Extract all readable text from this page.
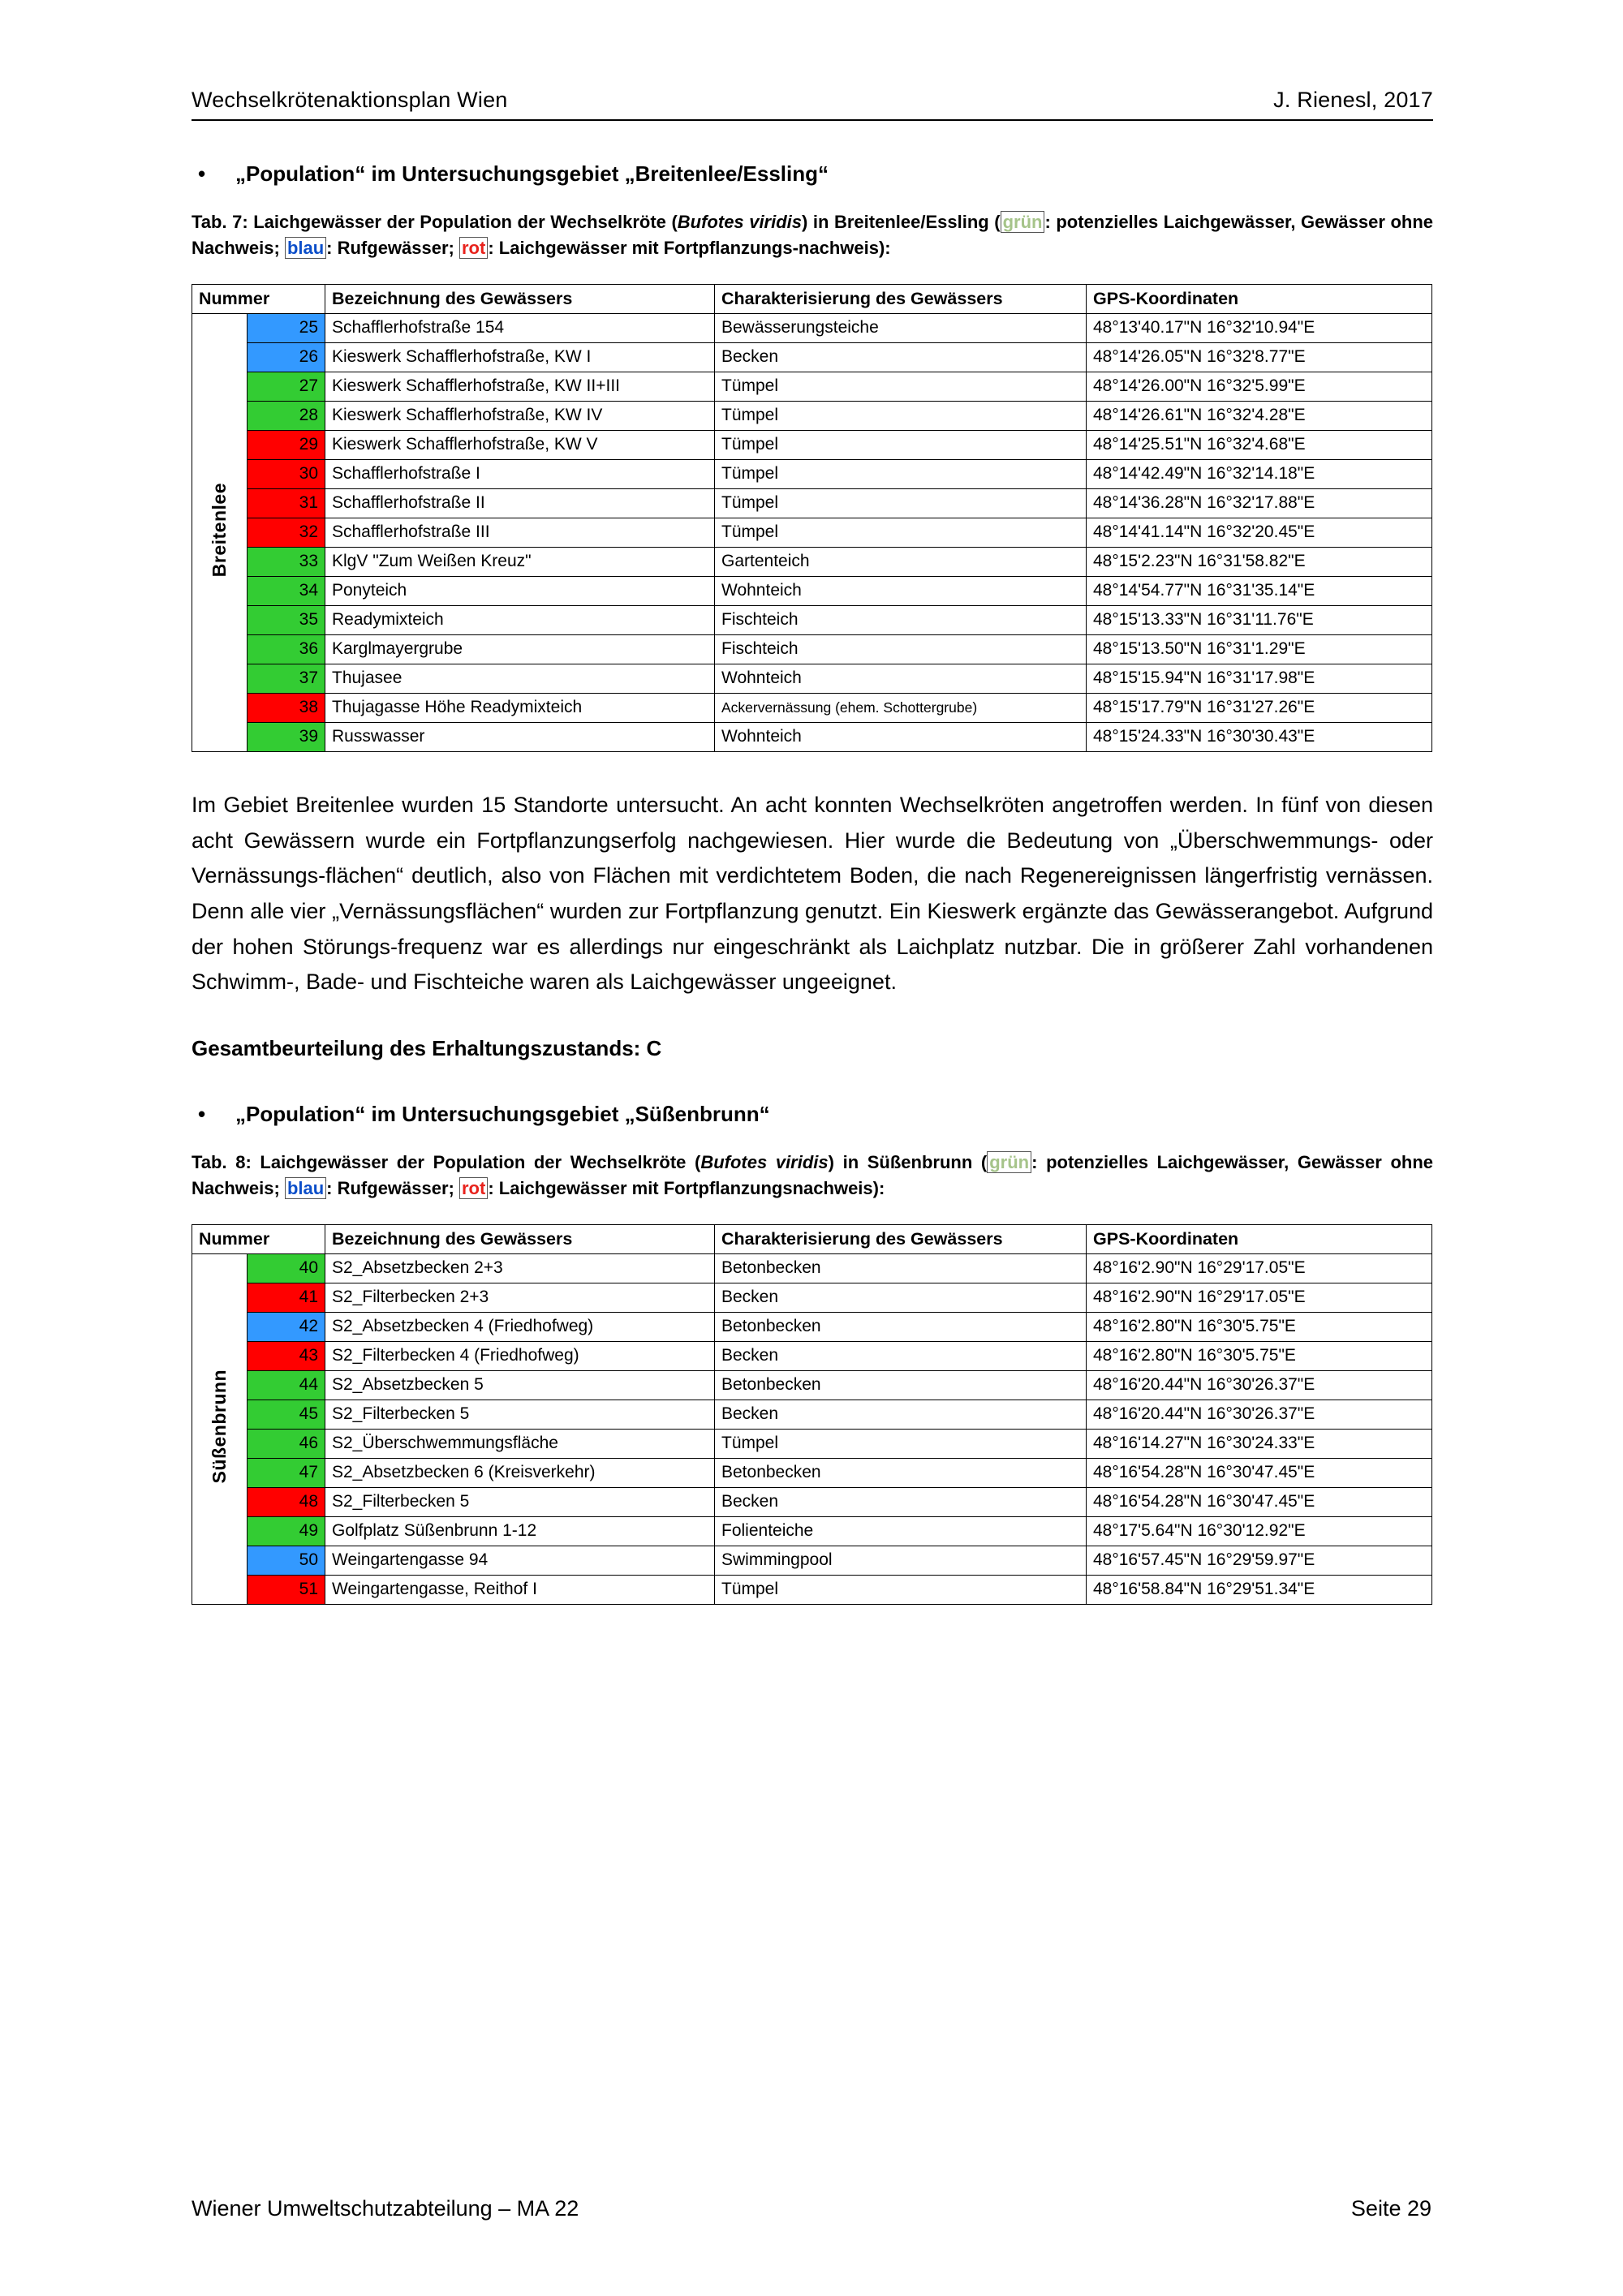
Wechselkrötenaktionsplan Wien	J. Rienesl, 2017
•	„Population“ im Untersuchungsgebiet „Breitenlee/Essling“
Tab. 7: Laichgewässer der Population der Wechselkröte (Bufotes viridis) in Breitenlee/Essling ( grün : potenzielles Laichgewässer, Gewässer ohne Nachweis; blau : Rufgewässer; rot : Laichgewässer mit Fortpflanzungs-nachweis):
Nummer		Bezeichnung des Gewässers	Charakterisierung des Gewässers	GPS-Koordinaten
Breitenlee	25	Schafflerhofstraße 154	Bewässerungsteiche	48°13'40.17"N 16°32'10.94"E
	26	Kieswerk Schafflerhofstraße, KW I	Becken	48°14'26.05"N 16°32'8.77"E
	27	Kieswerk Schafflerhofstraße, KW II+III	Tümpel	48°14'26.00"N 16°32'5.99"E
	28	Kieswerk Schafflerhofstraße, KW IV	Tümpel	48°14'26.61"N 16°32'4.28"E
	29	Kieswerk Schafflerhofstraße, KW V	Tümpel	48°14'25.51"N 16°32'4.68"E
	30	Schafflerhofstraße I	Tümpel	48°14'42.49"N 16°32'14.18"E
	31	Schafflerhofstraße II	Tümpel	48°14'36.28"N 16°32'17.88"E
	32	Schafflerhofstraße III	Tümpel	48°14'41.14"N 16°32'20.45"E
	33	KlgV "Zum Weißen Kreuz"	Gartenteich	48°15'2.23"N 16°31'58.82"E
	34	Ponyteich	Wohnteich	48°14'54.77"N 16°31'35.14"E
	35	Readymixteich	Fischteich	48°15'13.33"N 16°31'11.76"E
	36	Karglmayergrube	Fischteich	48°15'13.50"N 16°31'1.29"E
	37	Thujasee	Wohnteich	48°15'15.94"N 16°31'17.98"E
	38	Thujagasse Höhe Readymixteich	Ackervernässung (ehem. Schottergrube)	48°15'17.79"N 16°31'27.26"E
	39	Russwasser	Wohnteich	48°15'24.33"N 16°30'30.43"E
Im Gebiet Breitenlee wurden 15 Standorte untersucht. An acht konnten Wechselkröten angetroffen werden. In fünf von diesen acht Gewässern wurde ein Fortpflanzungserfolg nachgewiesen. Hier wurde die Bedeutung von „Überschwemmungs- oder Vernässungs-flächen“ deutlich, also von Flächen mit verdichtetem Boden, die nach Regenereignissen längerfristig vernässen. Denn alle vier „Vernässungsflächen“ wurden zur Fortpflanzung genutzt. Ein Kieswerk ergänzte das Gewässerangebot. Aufgrund der hohen Störungs-frequenz war es allerdings nur eingeschränkt als Laichplatz nutzbar. Die in größerer Zahl vorhandenen Schwimm-, Bade- und Fischteiche waren als Laichgewässer ungeeignet.
Gesamtbeurteilung des Erhaltungszustands: C
•	„Population“ im Untersuchungsgebiet „Süßenbrunn“
Tab. 8: Laichgewässer der Population der Wechselkröte (Bufotes viridis) in Süßenbrunn ( grün : potenzielles Laichgewässer, Gewässer ohne Nachweis; blau : Rufgewässer; rot : Laichgewässer mit Fortpflanzungsnachweis):
Nummer		Bezeichnung des Gewässers	Charakterisierung des Gewässers	GPS-Koordinaten
Süßenbrunn	40	S2_Absetzbecken 2+3	Betonbecken	48°16'2.90"N 16°29'17.05"E
	41	S2_Filterbecken 2+3	Becken	48°16'2.90"N 16°29'17.05"E
	42	S2_Absetzbecken 4 (Friedhofweg)	Betonbecken	48°16'2.80"N 16°30'5.75"E
	43	S2_Filterbecken 4 (Friedhofweg)	Becken	48°16'2.80"N 16°30'5.75"E
	44	S2_Absetzbecken 5	Betonbecken	48°16'20.44"N 16°30'26.37"E
	45	S2_Filterbecken 5	Becken	48°16'20.44"N 16°30'26.37"E
	46	S2_Überschwemmungsfläche	Tümpel	48°16'14.27"N 16°30'24.33"E
	47	S2_Absetzbecken 6 (Kreisverkehr)	Betonbecken	48°16'54.28"N 16°30'47.45"E
	48	S2_Filterbecken 5	Becken	48°16'54.28"N 16°30'47.45"E
	49	Golfplatz Süßenbrunn 1-12	Folienteiche	48°17'5.64"N 16°30'12.92"E
	50	Weingartengasse 94	Swimmingpool	48°16'57.45"N 16°29'59.97"E
	51	Weingartengasse, Reithof I	Tümpel	48°16'58.84"N 16°29'51.34"E
Wiener Umweltschutzabteilung – MA 22	Seite 29
